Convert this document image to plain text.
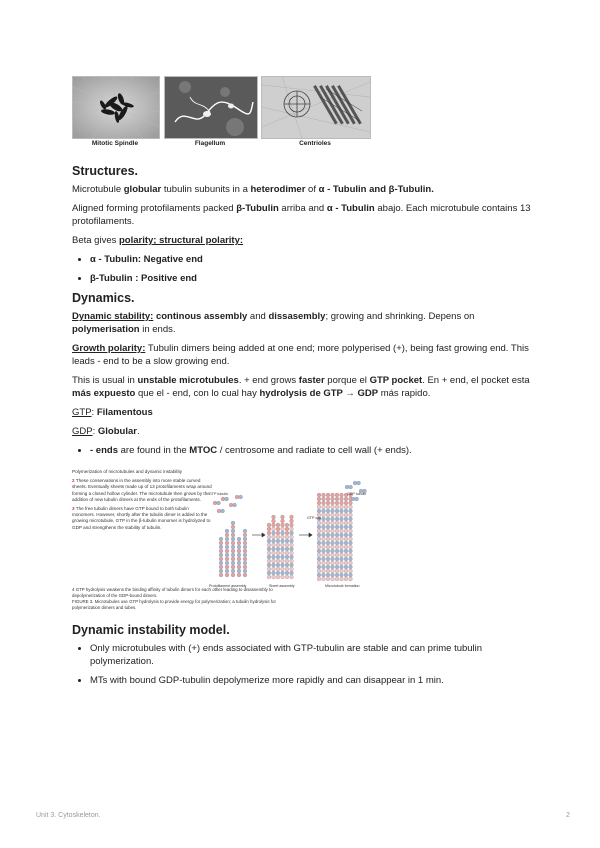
Mitotic Spindle	Flagellum	Centrioles
Structures.

Microtubule globular tubulin subunits in a heterodimer of α - Tubulin and β-Tubulin.

Aligned forming protofilaments packed β-Tubulin arriba and α - Tubulin abajo. Each microtubule contains 13 protofilaments.

Beta gives polarity; structural polarity:

• α - Tubulin: Negative end
• β-Tubulin : Positive end
Dynamics.

Dynamic stability: continous assembly and dissasembly; growing and shrinking. Depens on polymerisation in ends.

Growth polarity: Tubulin dimers being added at one end; more polyperised (+), being fast growing end. This leads - end to be a slow growing end.

This is usual in unstable microtubules. + end grows faster porque el GTP pocket. En + end, el pocket esta más expuesto que el - end, con lo cual hay hydrolysis de GTP → GDP más rapido.

GTP: Filamentous

GDP: Globular.

• - ends are found in the MTOC / centrosome and radiate to cell wall (+ ends).
Polymerization of microtubules and dynamic instability
2 These conservations in the assembly into more stable curved sheets. Eventually sheets made up of 13 protofilaments wrap around forming a closed hollow cylinder. The microtubule then grows by the addition of new tubulin dimers at the ends of the protofilaments.
3 The free tubulin dimers have GTP bound to both tubulin monomers. However, shortly after the tubulin dimer is added to the growing microtubule, GTP in the β-tubulin monomer is hydrolyzed to GDP and strengthens the stability of tubulin.
4 GTP hydrolysis weakens the binding affinity of tubulin dimers for each other leading to disassembly to depolymerization of the GDP-bound dimers.
FIGURE 3. Microtubules use GTP hydrolysis to provide energy for polymerization; a tubulin hydrolysis for polymerization dimers and tubes.
Protofilament assembly	Sheet assembly	Microtubule formation
GTP cap
GTP tubulin	GDP tubulin
Dynamic instability model.
• Only microtubules with (+) ends associated with GTP-tubulin are stable and can prime tubulin polymerization.
• MTs with bound GDP-tubulin depolymerize more rapidly and can disappear in 1 min.
Unit 3. Cytoskeleton.	2
